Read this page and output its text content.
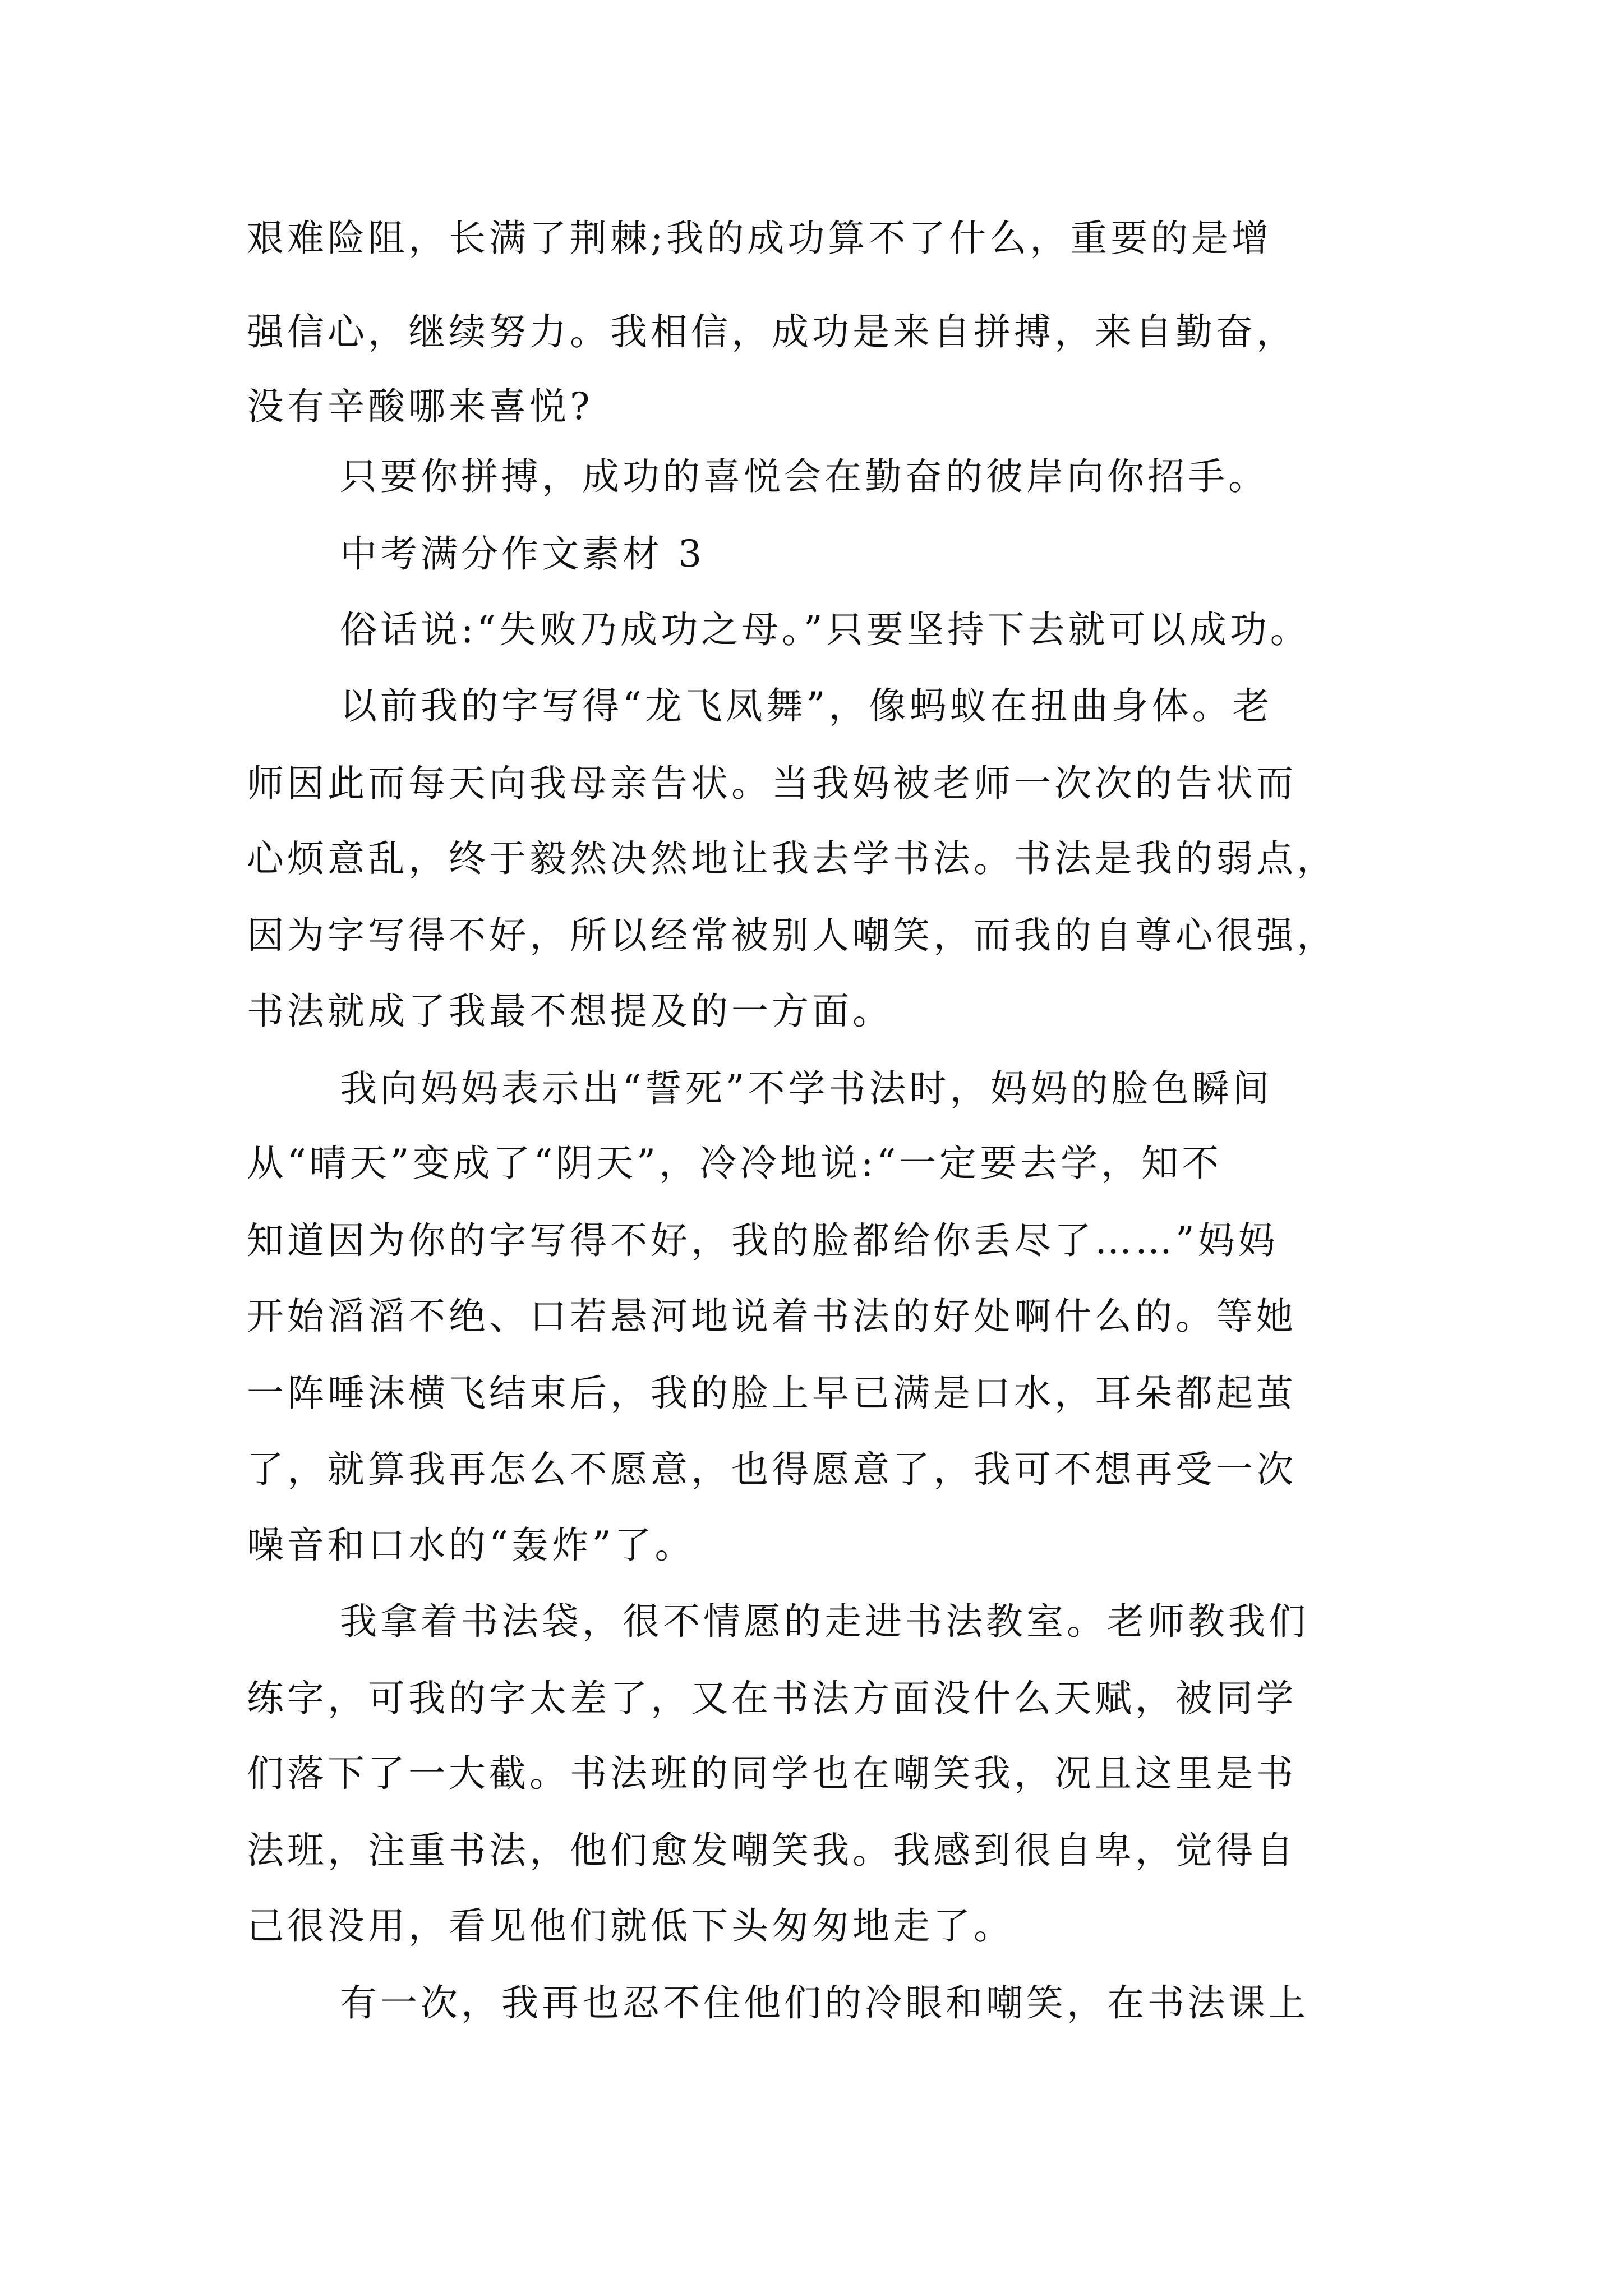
艰难险阻，长满了荆棘;我的成功算不了什么，重要的是增
强信心，继续努力。我相信，成功是来自拼搏，来自勤奋，
没有辛酸哪来喜悦?
只要你拼搏，成功的喜悦会在勤奋的彼岸向你招手。
中考满分作文素材 3
俗话说:“失败乃成功之母。”只要坚持下去就可以成功。
以前我的字写得“龙飞凤舞”，像蚂蚁在扭曲身体。老
师因此而每天向我母亲告状。当我妈被老师一次次的告状而
心烦意乱，终于毅然决然地让我去学书法。书法是我的弱点，
因为字写得不好，所以经常被别人嘲笑，而我的自尊心很强，
书法就成了我最不想提及的一方面。
我向妈妈表示出“誓死”不学书法时，妈妈的脸色瞬间
从“晴天”变成了“阴天”，冷冷地说:“一定要去学，知不
知道因为你的字写得不好，我的脸都给你丢尽了……”妈妈
开始滔滔不绝、口若悬河地说着书法的好处啊什么的。等她
一阵唾沫横飞结束后，我的脸上早已满是口水，耳朵都起茧
了，就算我再怎么不愿意，也得愿意了，我可不想再受一次
噪音和口水的“轰炸”了。
我拿着书法袋，很不情愿的走进书法教室。老师教我们
练字，可我的字太差了，又在书法方面没什么天赋，被同学
们落下了一大截。书法班的同学也在嘲笑我，况且这里是书
法班，注重书法，他们愈发嘲笑我。我感到很自卑，觉得自
己很没用，看见他们就低下头匆匆地走了。
有一次，我再也忍不住他们的冷眼和嘲笑，在书法课上
